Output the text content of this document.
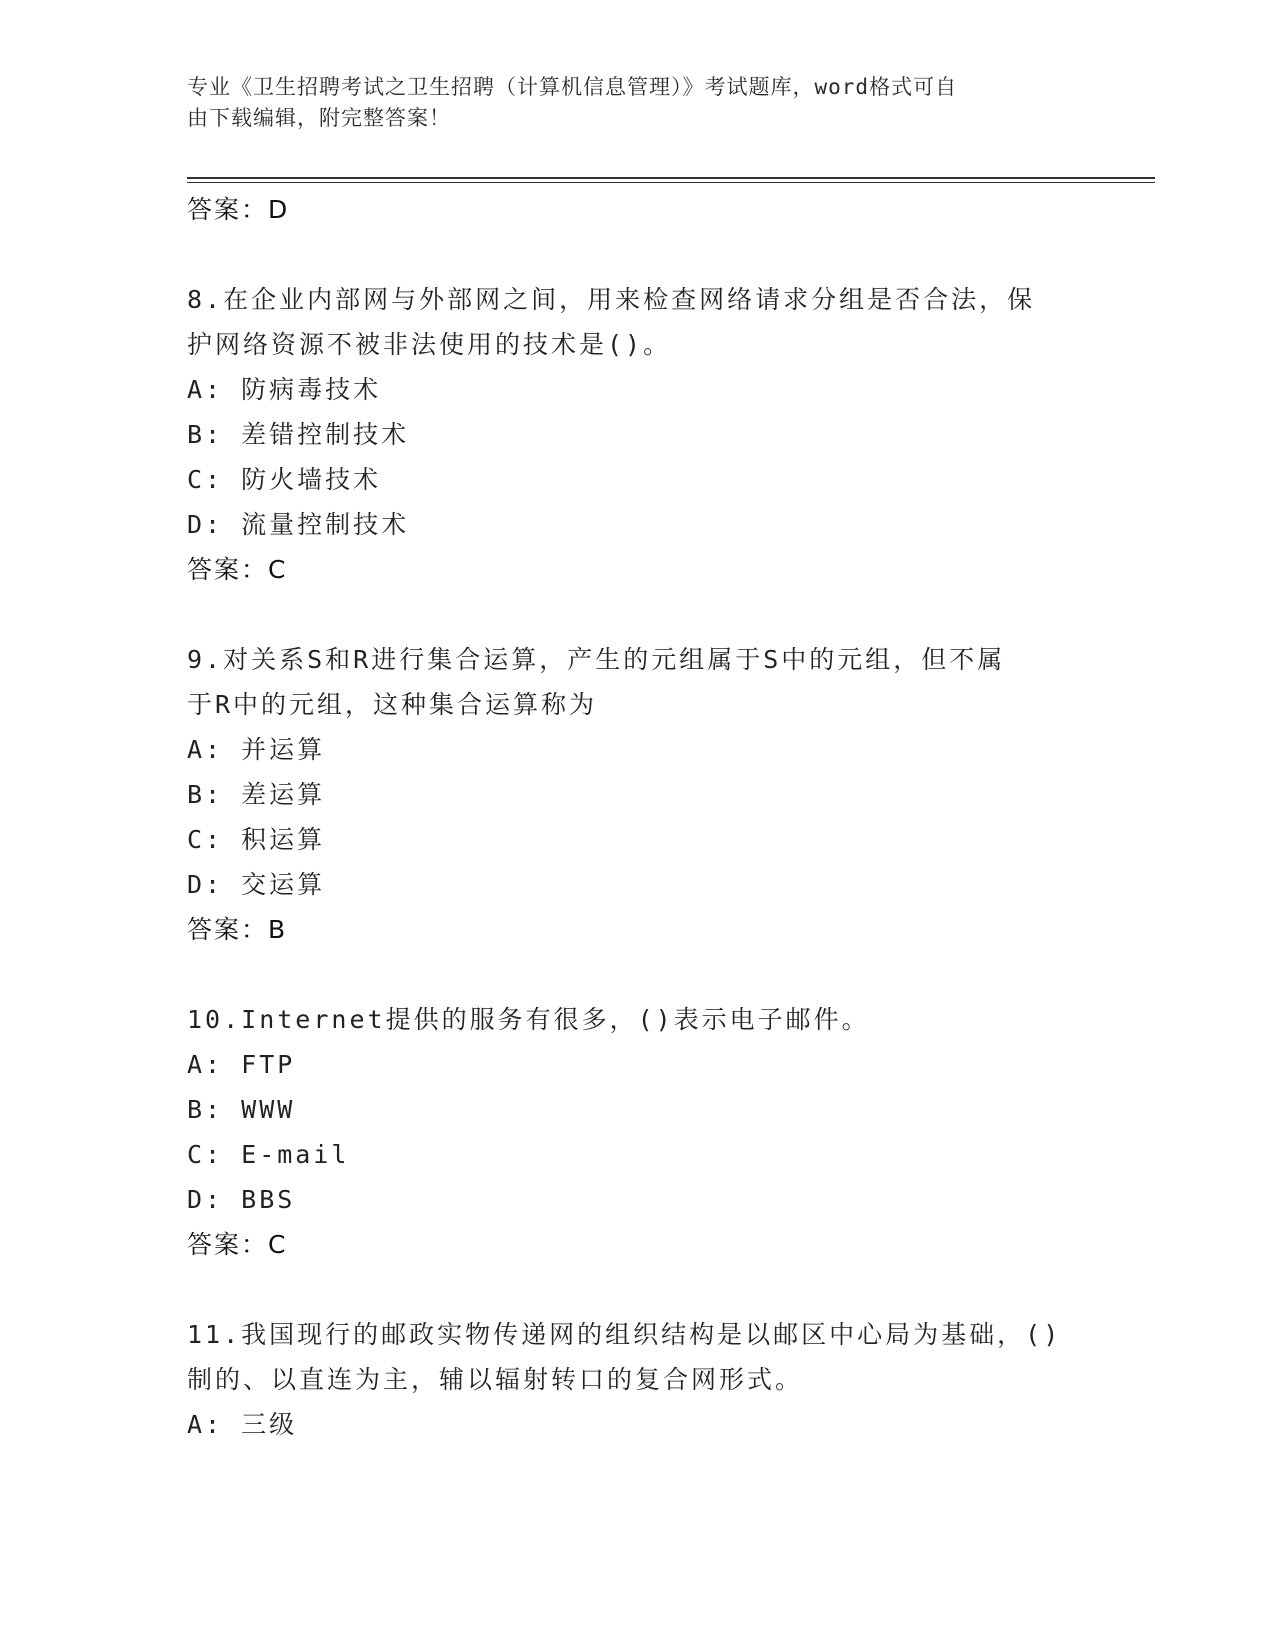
专业《卫生招聘考试之卫生招聘（计算机信息管理）》考试题库，word格式可自
由下载编辑，附完整答案！
答案：D
8.在企业内部网与外部网之间，用来检查网络请求分组是否合法，保
护网络资源不被非法使用的技术是()。
A: 防病毒技术
B: 差错控制技术
C: 防火墙技术
D: 流量控制技术
答案：C
9.对关系S和R进行集合运算，产生的元组属于S中的元组，但不属
于R中的元组，这种集合运算称为
A: 并运算
B: 差运算
C: 积运算
D: 交运算
答案：B
10.Internet提供的服务有很多，()表示电子邮件。
A: FTP
B: WWW
C: E-mail
D: BBS
答案：C
11.我国现行的邮政实物传递网的组织结构是以邮区中心局为基础，()
制的、以直连为主，辅以辐射转口的复合网形式。
A: 三级
